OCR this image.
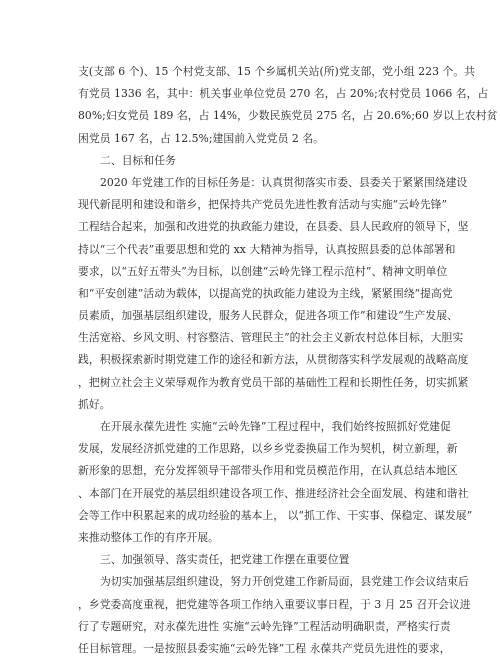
支(支部 6 个)、15 个村党支部、15 个乡属机关站(所)党支部，党小组 223 个。共
有党员 1336 名，其中：机关事业单位党员 270 名，占 20%;农村党员 1066 名，占
80%;妇女党员 189 名，占 14%，少数民族党员 275 名，占 20.6%;60 岁以上农村贫
困党员 167 名，占 12.5%;建国前入党党员 2 名。
二、目标和任务
2020 年党建工作的目标任务是：认真贯彻落实市委、县委关于紧紧围绕建设
现代新昆明和建设和谐乡，把保持共产党员先进性教育活动与实施“云岭先锋”
工程结合起来，加强和改进党的执政能力建设，在县委、县人民政府的领导下，坚
持以“三个代表”重要思想和党的 xx 大精神为指导，认真按照县委的总体部署和
要求，以“五好五带头”为目标，以创建“云岭先锋工程示范村”、精神文明单位
和“平安创建”活动为载体，以提高党的执政能力建设为主线，紧紧围绕“提高党
员素质，加强基层组织建设，服务人民群众，促进各项工作”和建设“生产发展、
生活宽裕、乡风文明、村容整洁、管理民主”的社会主义新农村总体目标，大胆实
践，积极探索新时期党建工作的途径和新方法，从贯彻落实科学发展观的战略高度
，把树立社会主义荣辱观作为教育党员干部的基础性工程和长期性任务，切实抓紧
抓好。
在开展永葆先进性 实施“云岭先锋”工程过程中，我们始终按照抓好党建促
发展，发展经济抓党建的工作思路，以乡乡党委换届工作为契机，树立新理，新
新形象的思想，充分发挥领导干部带头作用和党员模范作用，在认真总结本地区
、本部门在开展党的基层组织建设各项工作、推进经济社会全面发展、构建和谐社
会等工作中积累起来的成功经验的基本上， 以“抓工作、干实事、保稳定、谋发展”
来推动整体工作的有序开展。
三、加强领导、落实责任，把党建工作摆在重要位置
为切实加强基层组织建设，努力开创党建工作新局面，县党建工作会议结束后
，乡党委高度重视，把党建等各项工作纳入重要议事日程，于 3 月 25 召开会议进
行了专题研究，对永葆先进性 实施“云岭先锋”工程活动明确职责，严格实行责
任目标管理。一是按照县委实施“云岭先锋”工程 永葆共产党员先进性的要求，
